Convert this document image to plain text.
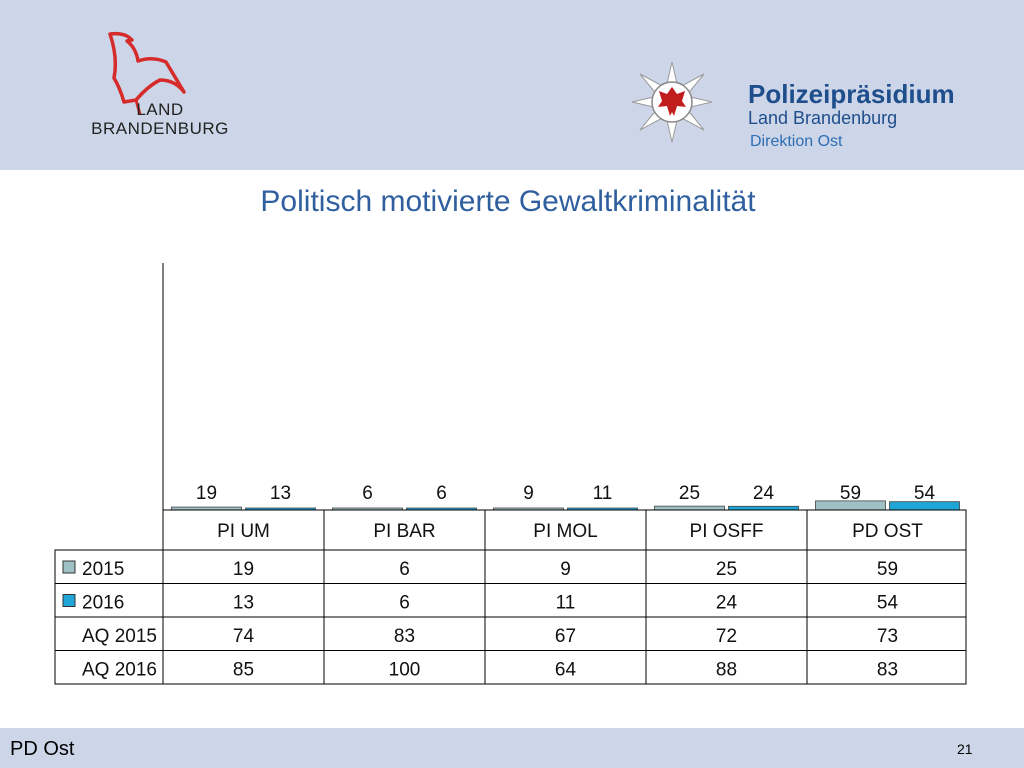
LAND
BRANDENBURG
Polizeipräsidium
Land Brandenburg
Direktion Ost
Politisch motivierte Gewaltkriminalität
19	13	6	6	9	11	25	24	59	54
PI UM	PI BAR	PI MOL	PI OSFF	PD OST
2015	19	6	9	25	59
2016	13	6	11	24	54
AQ 2015	74	83	67	72	73
AQ 2016	85	100	64	88	83
PD Ost	21
